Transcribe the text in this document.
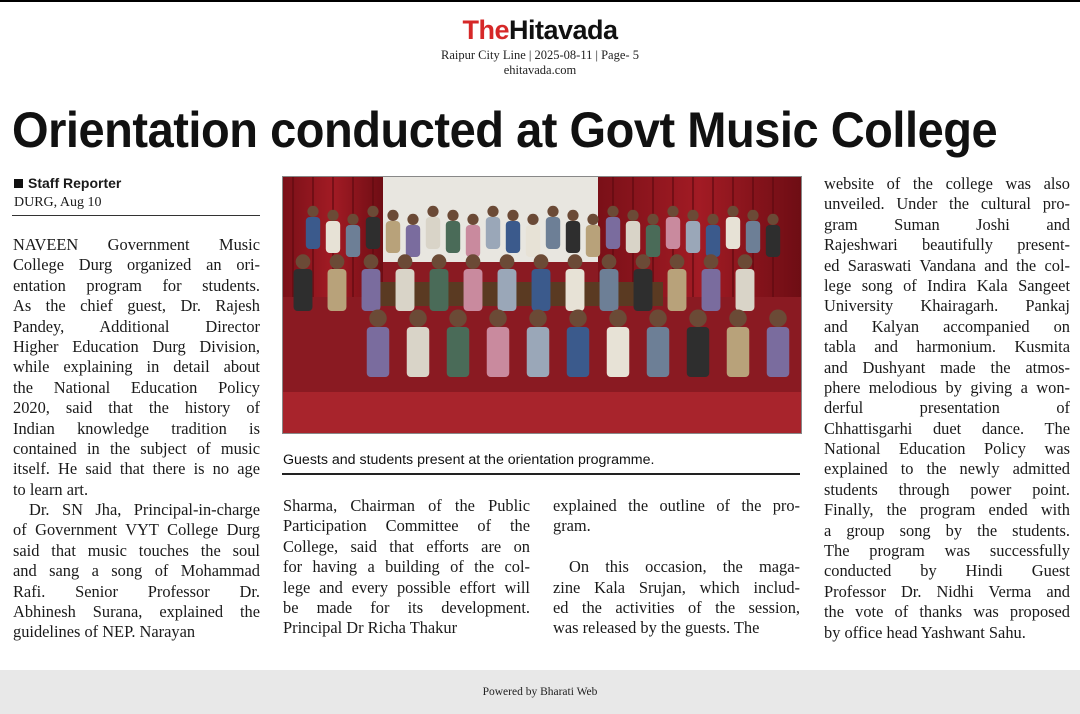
TheHitavada
Raipur City Line | 2025-08-11 | Page- 5
ehitavada.com
Orientation conducted at Govt Music College
Staff Reporter
DURG, Aug 10
NAVEEN Government Music
College Durg organized an ori-
entation program for students.
As the chief guest, Dr. Rajesh
Pandey, Additional Director
Higher Education Durg Division,
while explaining in detail about
the National Education Policy
2020, said that the history of
Indian knowledge tradition is
contained in the subject of music
itself. He said that there is no age
to learn art.
Dr. SN Jha, Principal-in-charge
of Government VYT College Durg
said that music touches the soul
and sang a song of Mohammad
Rafi. Senior Professor Dr.
Abhinesh Surana, explained the
guidelines of NEP. Narayan
Guests and students present at the orientation programme.
Sharma, Chairman of the Public
Participation Committee of the
College, said that efforts are on
for having a building of the col-
lege and every possible effort will
be made for its development.
Principal Dr Richa Thakur
explained the outline of the pro-
gram.
On this occasion, the maga-
zine Kala Srujan, which includ-
ed the activities of the session,
was released by the guests. The
website of the college was also
unveiled. Under the cultural pro-
gram Suman Joshi and
Rajeshwari beautifully present-
ed Saraswati Vandana and the col-
lege song of Indira Kala Sangeet
University Khairagarh. Pankaj
and Kalyan accompanied on
tabla and harmonium. Kusmita
and Dushyant made the atmos-
phere melodious by giving a won-
derful presentation of
Chhattisgarhi duet dance. The
National Education Policy was
explained to the newly admitted
students through power point.
Finally, the program ended with
a group song by the students.
The program was successfully
conducted by Hindi Guest
Professor Dr. Nidhi Verma and
the vote of thanks was proposed
by office head Yashwant Sahu.
Powered by Bharati Web
